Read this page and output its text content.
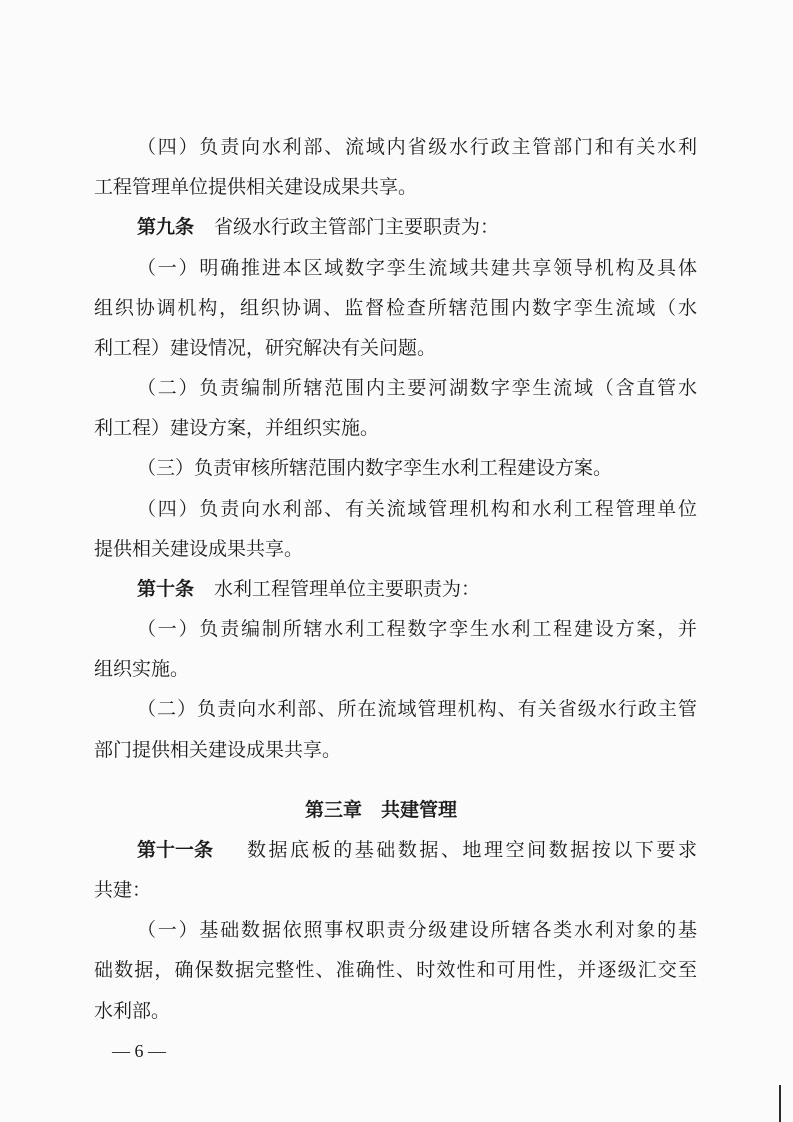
（四）负责向水利部、流域内省级水行政主管部门和有关水利
工程管理单位提供相关建设成果共享。
第九条 省级水行政主管部门主要职责为：
（一）明确推进本区域数字孪生流域共建共享领导机构及具体
组织协调机构，组织协调、监督检查所辖范围内数字孪生流域（水
利工程）建设情况，研究解决有关问题。
（二）负责编制所辖范围内主要河湖数字孪生流域（含直管水
利工程）建设方案，并组织实施。
（三）负责审核所辖范围内数字孪生水利工程建设方案。
（四）负责向水利部、有关流域管理机构和水利工程管理单位
提供相关建设成果共享。
第十条 水利工程管理单位主要职责为：
（一）负责编制所辖水利工程数字孪生水利工程建设方案，并
组织实施。
（二）负责向水利部、所在流域管理机构、有关省级水行政主管
部门提供相关建设成果共享。
第三章　共建管理
第十一条 数据底板的基础数据、地理空间数据按以下要求
共建：
（一）基础数据依照事权职责分级建设所辖各类水利对象的基
础数据，确保数据完整性、准确性、时效性和可用性，并逐级汇交至
水利部。
— 6 —
